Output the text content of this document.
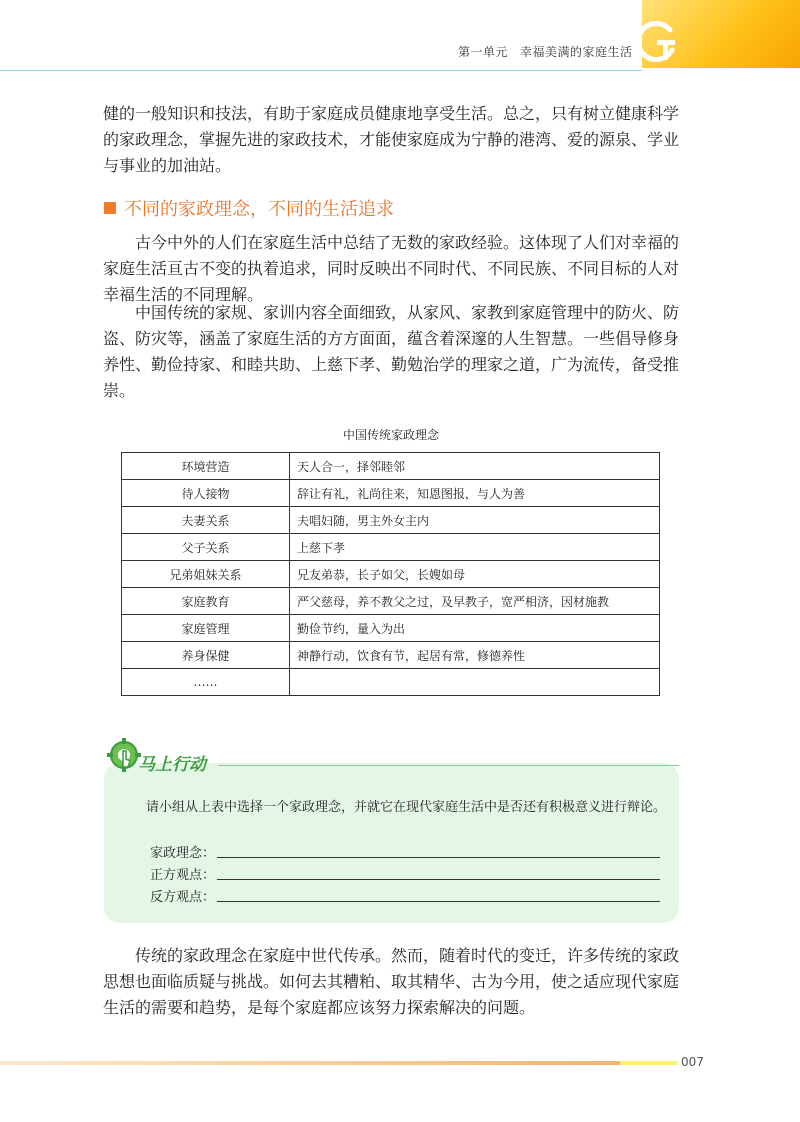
第一单元 幸福美满的家庭生活

健的一般知识和技法，有助于家庭成员健康地享受生活。总之，只有树立健康科学的家政理念，掌握先进的家政技术，才能使家庭成为宁静的港湾、爱的源泉、学业与事业的加油站。

不同的家政理念，不同的生活追求

古今中外的人们在家庭生活中总结了无数的家政经验。这体现了人们对幸福的家庭生活亘古不变的执着追求，同时反映出不同时代、不同民族、不同目标的人对幸福生活的不同理解。

中国传统的家规、家训内容全面细致，从家风、家教到家庭管理中的防火、防盗、防灾等，涵盖了家庭生活的方方面面，蕴含着深邃的人生智慧。一些倡导修身养性、勤俭持家、和睦共助、上慈下孝、勤勉治学的理家之道，广为流传，备受推崇。

中国传统家政理念
环境营造	天人合一，择邻睦邻
待人接物	辞让有礼，礼尚往来，知恩图报，与人为善
夫妻关系	夫唱妇随，男主外女主内
父子关系	上慈下孝
兄弟姐妹关系	兄友弟恭，长子如父，长嫂如母
家庭教育	严父慈母，养不教父之过，及早教子，宽严相济，因材施教
家庭管理	勤俭节约，量入为出
养身保健	神静行动，饮食有节，起居有常，修德养性
……	
马上行动

请小组从上表中选择一个家政理念，并就它在现代家庭生活中是否还有积极意义进行辩论。

家政理念：
正方观点：
反方观点：

传统的家政理念在家庭中世代传承。然而，随着时代的变迁，许多传统的家政思想也面临质疑与挑战。如何去其糟粕、取其精华、古为今用，使之适应现代家庭生活的需要和趋势，是每个家庭都应该努力探索解决的问题。

007
